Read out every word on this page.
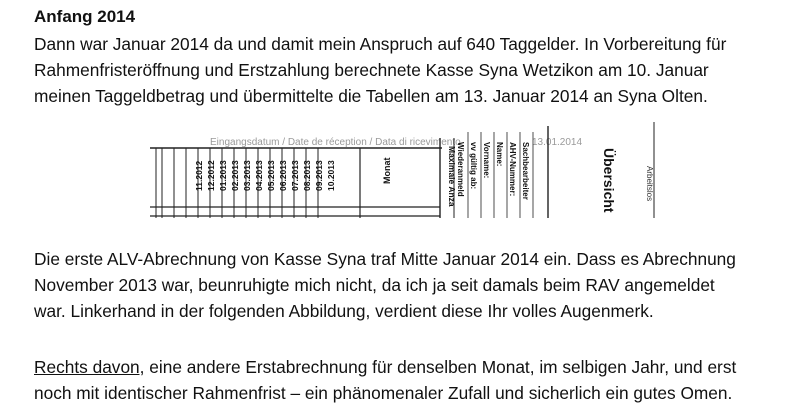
Anfang 2014
Dann war Januar 2014 da und damit mein Anspruch auf 640 Taggelder. In Vorbereitung für
Rahmenfristeröffnung und Erstzahlung berechnete Kasse Syna Wetzikon am 10. Januar
meinen Taggeldbetrag und übermittelte die Tabellen am 13. Januar 2014 an Syna Olten.
Eingangsdatum / Date de réception / Data di ricevimento	13.01.2014
11.2012 12.2012 01.2013 02.2013 03.2013 04.2013 05.2013 06.2013 07.2013 08.2013 09.2013 10.2013	Monat	Maximale Anza Wiederanmeld vv gültig ab: Vorname: Name: AHV-Nummer: Sachbearbeiter	Übersicht	Arbeitslos
Die erste ALV-Abrechnung von Kasse Syna traf Mitte Januar 2014 ein. Dass es Abrechnung
November 2013 war, beunruhigte mich nicht, da ich ja seit damals beim RAV angemeldet
war. Linkerhand in der folgenden Abbildung, verdient diese Ihr volles Augenmerk.
Rechts davon, eine andere Erstabrechnung für denselben Monat, im selbigen Jahr, und erst
noch mit identischer Rahmenfrist – ein phänomenaler Zufall und sicherlich ein gutes Omen.
